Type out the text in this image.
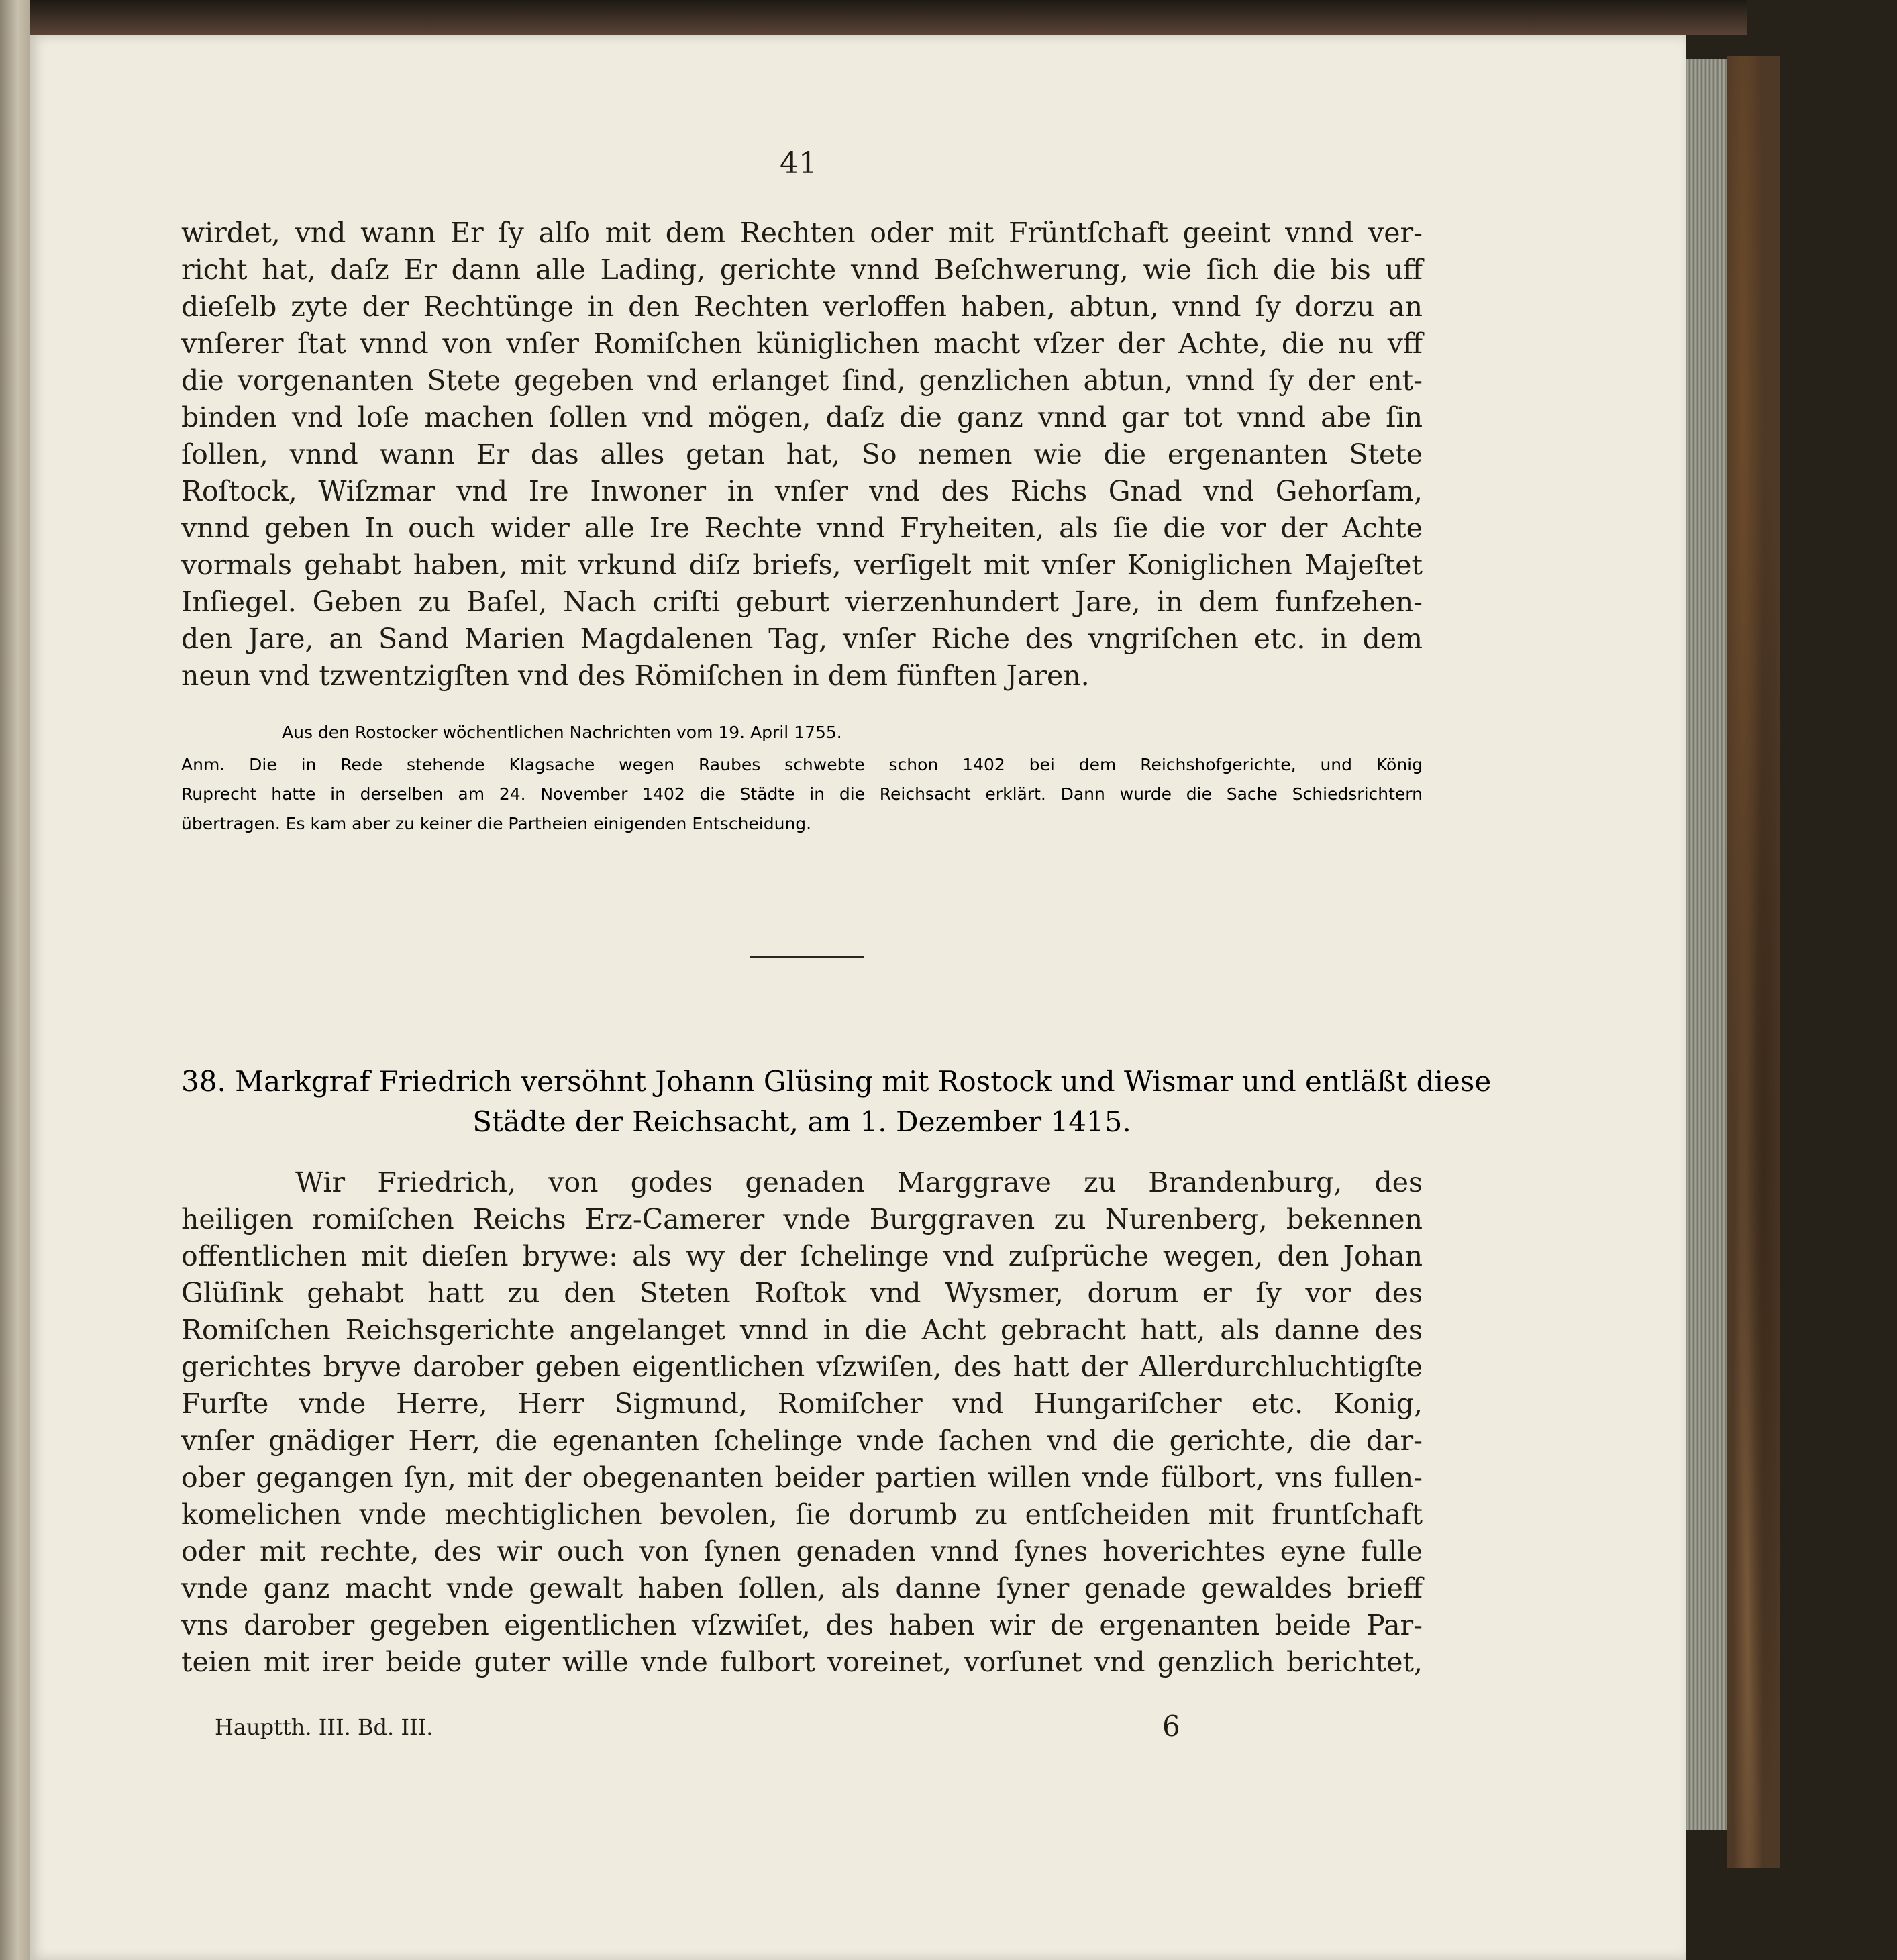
41
wirdet, vnd wann Er ſy alſo mit dem Rechten oder mit Früntſchaft geeint vnnd ver-
richt hat, daſz Er dann alle Lading, gerichte vnnd Beſchwerung, wie ſich die bis uff
dieſelb zyte der Rechtünge in den Rechten verloffen haben, abtun, vnnd ſy dorzu an
vnſerer ſtat vnnd von vnſer Romiſchen küniglichen macht vſzer der Achte, die nu vff
die vorgenanten Stete gegeben vnd erlanget ſind, genzlichen abtun, vnnd ſy der ent-
binden vnd loſe machen ſollen vnd mögen, daſz die ganz vnnd gar tot vnnd abe ſin
ſollen, vnnd wann Er das alles getan hat, So nemen wie die ergenanten Stete
Roſtock, Wiſzmar vnd Ire Inwoner in vnſer vnd des Richs Gnad vnd Gehorſam,
vnnd geben In ouch wider alle Ire Rechte vnnd Fryheiten, als ſie die vor der Achte
vormals gehabt haben, mit vrkund diſz briefs, verſigelt mit vnſer Koniglichen Majeſtet
Inſiegel. Geben zu Baſel, Nach criſti geburt vierzenhundert Jare, in dem funfzehen-
den Jare, an Sand Marien Magdalenen Tag, vnſer Riche des vngriſchen etc. in dem
neun vnd tzwentzigſten vnd des Römiſchen in dem fünften Jaren.
Aus den Rostocker wöchentlichen Nachrichten vom 19. April 1755.
Anm. Die in Rede stehende Klagsache wegen Raubes schwebte schon 1402 bei dem Reichshofgerichte, und König
Ruprecht hatte in derselben am 24. November 1402 die Städte in die Reichsacht erklärt. Dann wurde die Sache Schiedsrichtern
übertragen. Es kam aber zu keiner die Partheien einigenden Entscheidung.
38. Markgraf Friedrich versöhnt Johann Glüsing mit Rostock und Wismar und entläßt diese
Städte der Reichsacht, am 1. Dezember 1415.
Wir Friedrich, von godes genaden Marggrave zu Brandenburg, des
heiligen romiſchen Reichs Erz-Camerer vnde Burggraven zu Nurenberg, bekennen
offentlichen mit dieſen brywe: als wy der ſchelinge vnd zuſprüche wegen, den Johan
Glüſink gehabt hatt zu den Steten Roſtok vnd Wysmer, dorum er ſy vor des
Romiſchen Reichsgerichte angelanget vnnd in die Acht gebracht hatt, als danne des
gerichtes bryve darober geben eigentlichen vſzwiſen, des hatt der Allerdurchluchtigſte
Furſte vnde Herre, Herr Sigmund, Romiſcher vnd Hungariſcher etc. Konig,
vnſer gnädiger Herr, die egenanten ſchelinge vnde ſachen vnd die gerichte, die dar-
ober gegangen ſyn, mit der obegenanten beider partien willen vnde fülbort, vns fullen-
komelichen vnde mechtiglichen bevolen, ſie dorumb zu entſcheiden mit fruntſchaft
oder mit rechte, des wir ouch von ſynen genaden vnnd ſynes hoverichtes eyne fulle
vnde ganz macht vnde gewalt haben ſollen, als danne ſyner genade gewaldes brieff
vns darober gegeben eigentlichen vſzwiſet, des haben wir de ergenanten beide Par-
teien mit irer beide guter wille vnde fulbort voreinet, vorſunet vnd genzlich berichtet,
Hauptth. III. Bd. III.	6
